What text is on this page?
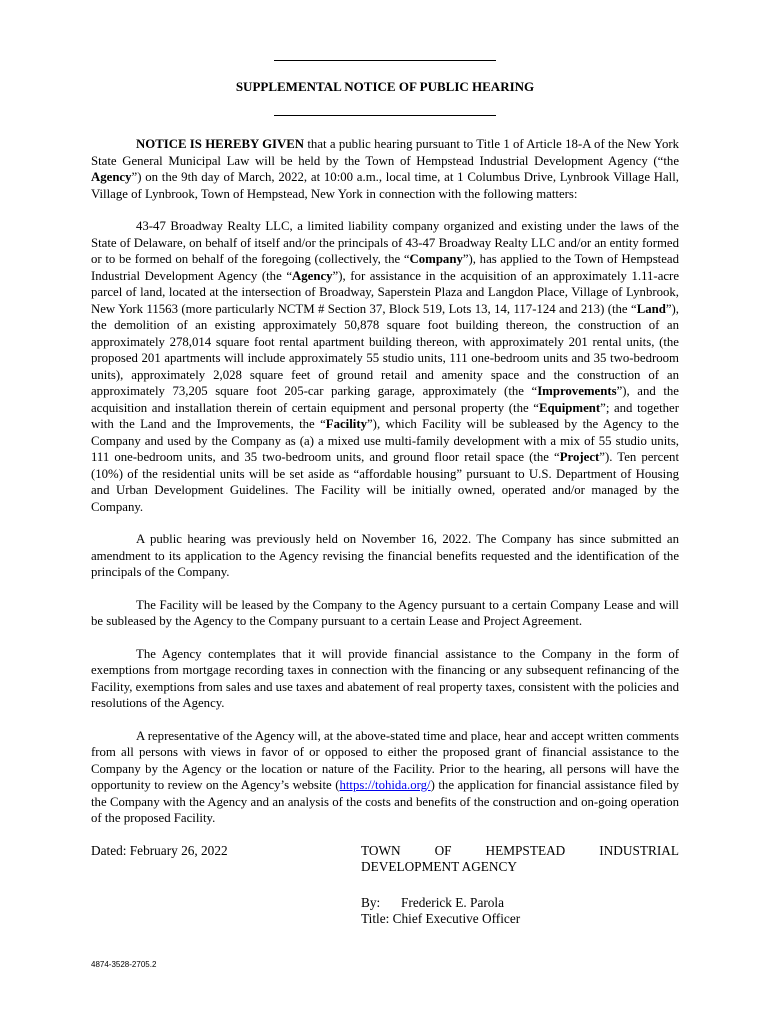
SUPPLEMENTAL NOTICE OF PUBLIC HEARING

NOTICE IS HEREBY GIVEN that a public hearing pursuant to Title 1 of Article 18-A of the New York State General Municipal Law will be held by the Town of Hempstead Industrial Development Agency (“the Agency”) on the 9th day of March, 2022, at 10:00 a.m., local time, at 1 Columbus Drive, Lynbrook Village Hall, Village of Lynbrook, Town of Hempstead, New York in connection with the following matters:

43-47 Broadway Realty LLC, a limited liability company organized and existing under the laws of the State of Delaware, on behalf of itself and/or the principals of 43-47 Broadway Realty LLC and/or an entity formed or to be formed on behalf of the foregoing (collectively, the “Company”), has applied to the Town of Hempstead Industrial Development Agency (the “Agency”), for assistance in the acquisition of an approximately 1.11-acre parcel of land, located at the intersection of Broadway, Saperstein Plaza and Langdon Place, Village of Lynbrook, New York 11563 (more particularly NCTM # Section 37, Block 519, Lots 13, 14, 117-124 and 213) (the “Land”), the demolition of an existing approximately 50,878 square foot building thereon, the construction of an approximately 278,014 square foot rental apartment building thereon, with approximately 201 rental units, (the proposed 201 apartments will include approximately 55 studio units, 111 one-bedroom units and 35 two-bedroom units), approximately 2,028 square feet of ground retail and amenity space and the construction of an approximately 73,205 square foot 205-car parking garage, approximately (the “Improvements”), and the acquisition and installation therein of certain equipment and personal property (the “Equipment”; and together with the Land and the Improvements, the “Facility”), which Facility will be subleased by the Agency to the Company and used by the Company as (a) a mixed use multi-family development with a mix of 55 studio units, 111 one-bedroom units, and 35 two-bedroom units, and ground floor retail space (the “Project”). Ten percent (10%) of the residential units will be set aside as “affordable housing” pursuant to U.S. Department of Housing and Urban Development Guidelines. The Facility will be initially owned, operated and/or managed by the Company.

A public hearing was previously held on November 16, 2022. The Company has since submitted an amendment to its application to the Agency revising the financial benefits requested and the identification of the principals of the Company.

The Facility will be leased by the Company to the Agency pursuant to a certain Company Lease and will be subleased by the Agency to the Company pursuant to a certain Lease and Project Agreement.

The Agency contemplates that it will provide financial assistance to the Company in the form of exemptions from mortgage recording taxes in connection with the financing or any subsequent refinancing of the Facility, exemptions from sales and use taxes and abatement of real property taxes, consistent with the policies and resolutions of the Agency.

A representative of the Agency will, at the above-stated time and place, hear and accept written comments from all persons with views in favor of or opposed to either the proposed grant of financial assistance to the Company by the Agency or the location or nature of the Facility. Prior to the hearing, all persons will have the opportunity to review on the Agency’s website (https://tohida.org/) the application for financial assistance filed by the Company with the Agency and an analysis of the costs and benefits of the construction and on-going operation of the proposed Facility.

Dated: February 26, 2022	TOWN	OF	HEMPSTEAD	INDUSTRIAL
DEVELOPMENT AGENCY
By:	Frederick E. Parola
Title: Chief Executive Officer
4874-3528-2705.2
